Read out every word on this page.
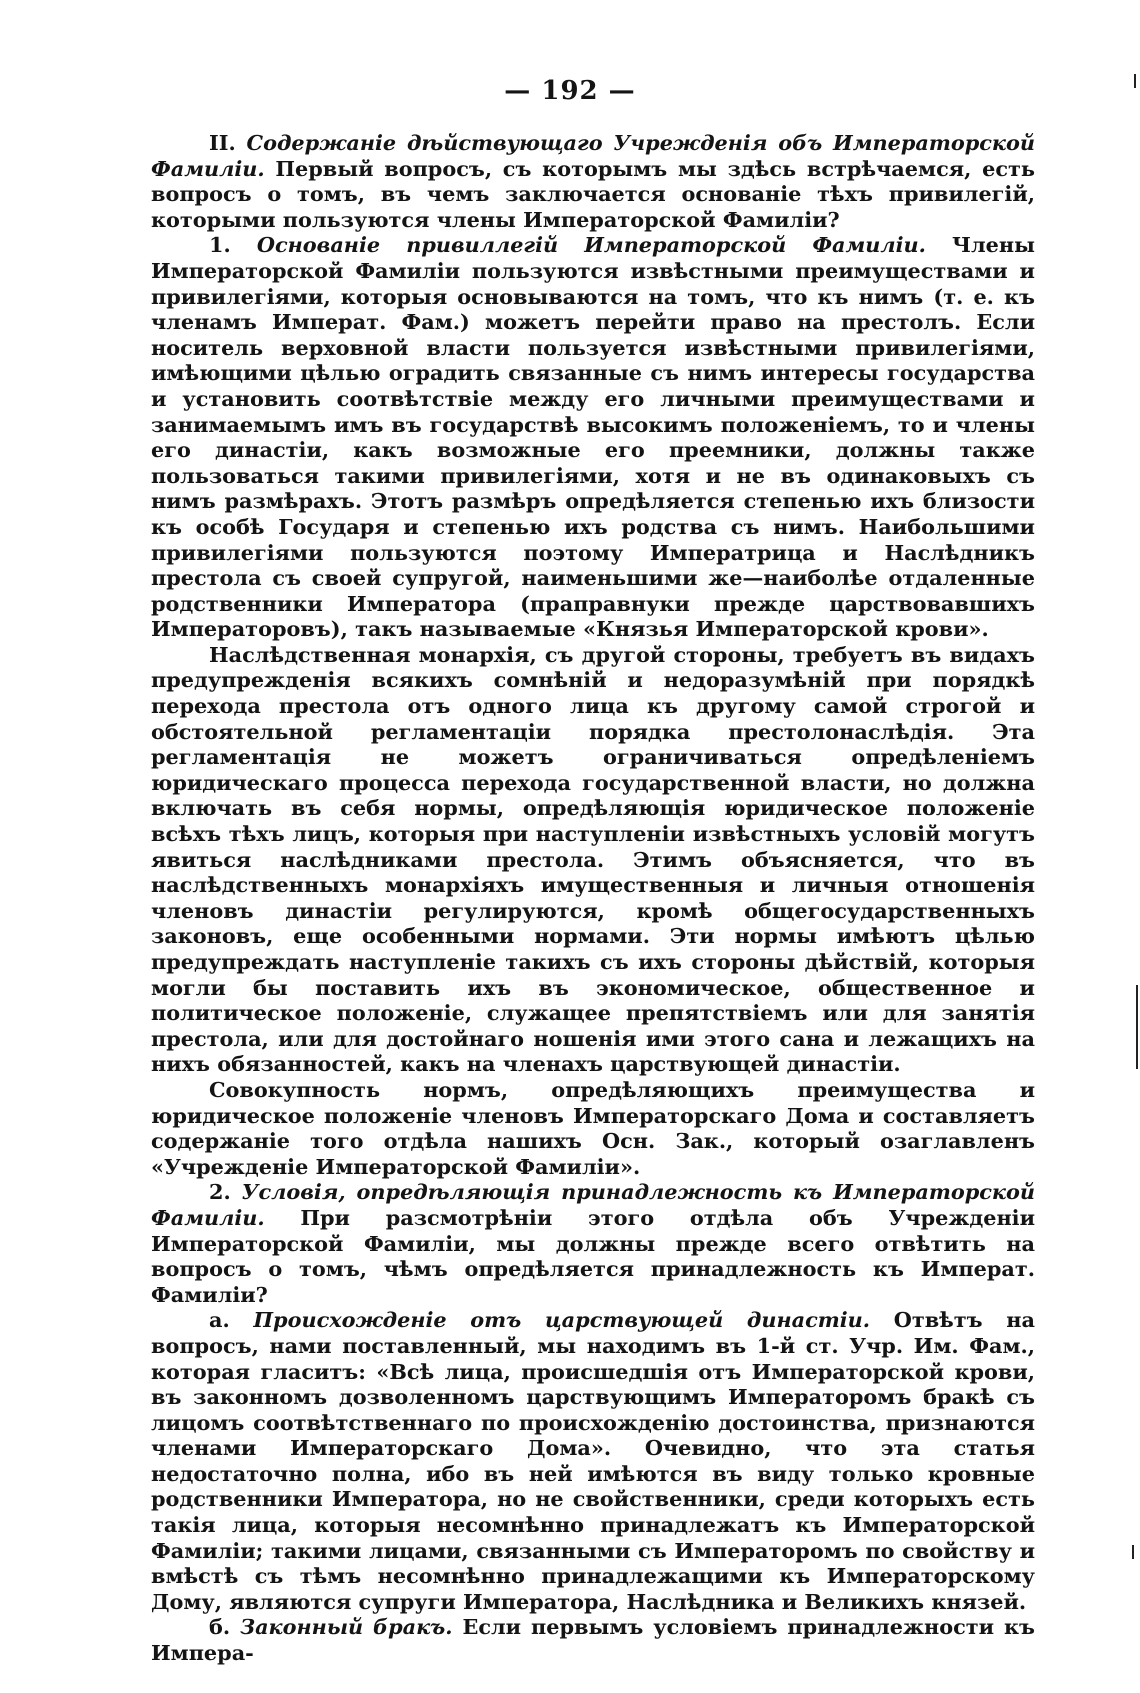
— 192 —

II. Содержаніе дѣйствующаго Учрежденія объ Императорской Фамиліи. Первый вопросъ, съ которымъ мы здѣсь встрѣчаемся, есть вопросъ о томъ, въ чемъ заключается основаніе тѣхъ привилегій, которыми пользуются члены Императорской Фамиліи?

1. Основаніе привиллегій Императорской Фамиліи. Члены Императорской Фамиліи пользуются извѣстными преимуществами и привилегіями, которыя основываются на томъ, что къ нимъ (т. е. къ членамъ Императ. Фам.) можетъ перейти право на престолъ. Если носитель верховной власти пользуется извѣстными привилегіями, имѣющими цѣлью оградить связанные съ нимъ интересы государства и установить соотвѣтствіе между его личными преимуществами и занимаемымъ имъ въ государствѣ высокимъ положеніемъ, то и члены его династіи, какъ возможные его преемники, должны также пользоваться такими привилегіями, хотя и не въ одинаковыхъ съ нимъ размѣрахъ. Этотъ размѣръ опредѣляется степенью ихъ близости къ особѣ Государя и степенью ихъ родства съ нимъ. Наибольшими привилегіями пользуются поэтому Императрица и Наслѣдникъ престола съ своей супругой, наименьшими же—наиболѣе отдаленные родственники Императора (праправнуки прежде царствовавшихъ Императоровъ), такъ называемые «Князья Императорской крови».

Наслѣдственная монархія, съ другой стороны, требуетъ въ видахъ предупрежденія всякихъ сомнѣній и недоразумѣній при порядкѣ перехода престола отъ одного лица къ другому самой строгой и обстоятельной регламентаціи порядка престолонаслѣдія. Эта регламентація не можетъ ограничиваться опредѣленіемъ юридическаго процесса перехода государственной власти, но должна включать въ себя нормы, опредѣляющія юридическое положеніе всѣхъ тѣхъ лицъ, которыя при наступленіи извѣстныхъ условій могутъ явиться наслѣдниками престола. Этимъ объясняется, что въ наслѣдственныхъ монархіяхъ имущественныя и личныя отношенія членовъ династіи регулируются, кромѣ общегосударственныхъ законовъ, еще особенными нормами. Эти нормы имѣютъ цѣлью предупреждать наступленіе такихъ съ ихъ стороны дѣйствій, которыя могли бы поставить ихъ въ экономическое, общественное и политическое положеніе, служащее препятствіемъ или для занятія престола, или для достойнаго ношенія ими этого сана и лежащихъ на нихъ обязанностей, какъ на членахъ царствующей династіи.

Совокупность нормъ, опредѣляющихъ преимущества и юридическое положеніе членовъ Императорскаго Дома и составляетъ содержаніе того отдѣла нашихъ Осн. Зак., который озаглавленъ «Учрежденіе Императорской Фамиліи».

2. Условія, опредѣляющія принадлежность къ Императорской Фамиліи. При разсмотрѣніи этого отдѣла объ Учрежденіи Императорской Фамиліи, мы должны прежде всего отвѣтить на вопросъ о томъ, чѣмъ опредѣляется принадлежность къ Императ. Фамиліи?

а. Происхожденіе отъ царствующей династіи. Отвѣтъ на вопросъ, нами поставленный, мы находимъ въ 1-й ст. Учр. Им. Фам., которая гласитъ: «Всѣ лица, происшедшія отъ Императорской крови, въ законномъ дозволенномъ царствующимъ Императоромъ бракѣ съ лицомъ соотвѣтственнаго по происхожденію достоинства, признаются членами Императорскаго Дома». Очевидно, что эта статья недостаточно полна, ибо въ ней имѣются въ виду только кровные родственники Императора, но не свойственники, среди которыхъ есть такія лица, которыя несомнѣнно принадлежатъ къ Императорской Фамиліи; такими лицами, связанными съ Императоромъ по свойству и вмѣстѣ съ тѣмъ несомнѣнно принадлежащими къ Императорскому Дому, являются супруги Императора, Наслѣдника и Великихъ князей.

б. Законный бракъ. Если первымъ условіемъ принадлежности къ Импера-
